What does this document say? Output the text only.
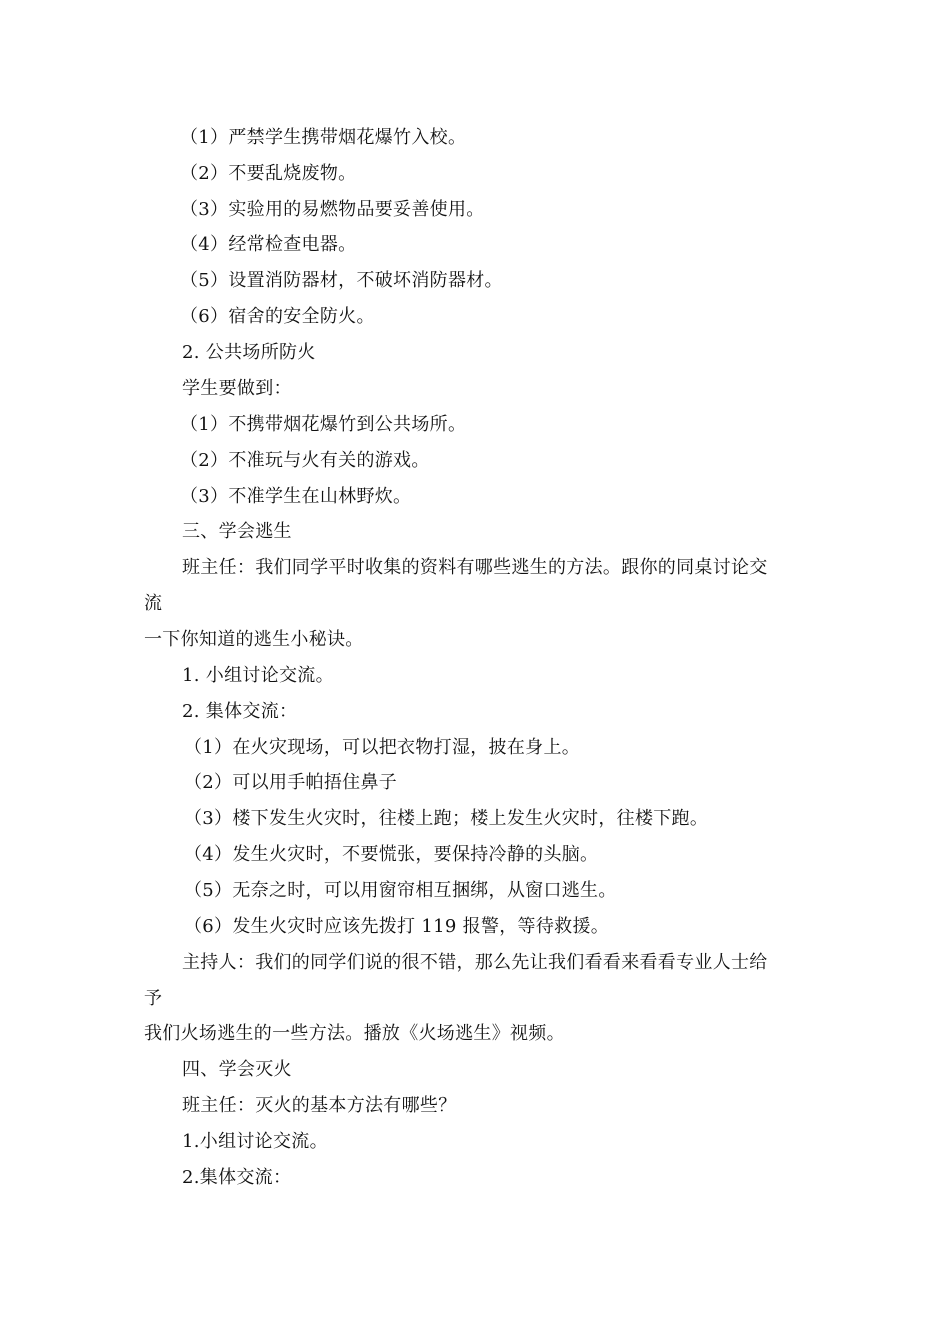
（1）严禁学生携带烟花爆竹入校。
（2）不要乱烧废物。
（3）实验用的易燃物品要妥善使用。
（4）经常检查电器。
（5）设置消防器材，不破坏消防器材。
（6）宿舍的安全防火。
2. 公共场所防火
学生要做到：
（1）不携带烟花爆竹到公共场所。
（2）不准玩与火有关的游戏。
（3）不准学生在山林野炊。
三、学会逃生
班主任：我们同学平时收集的资料有哪些逃生的方法。跟你的同桌讨论交
流
一下你知道的逃生小秘诀。
1. 小组讨论交流。
2. 集体交流：
（1）在火灾现场，可以把衣物打湿，披在身上。
（2）可以用手帕捂住鼻子
（3）楼下发生火灾时，往楼上跑；楼上发生火灾时，往楼下跑。
（4）发生火灾时，不要慌张，要保持冷静的头脑。
（5）无奈之时，可以用窗帘相互捆绑，从窗口逃生。
（6）发生火灾时应该先拨打 119 报警，等待救援。
主持人：我们的同学们说的很不错，那么先让我们看看来看看专业人士给
予
我们火场逃生的一些方法。播放《火场逃生》视频。
四、学会灭火
班主任：灭火的基本方法有哪些？
1.小组讨论交流。
2.集体交流：
